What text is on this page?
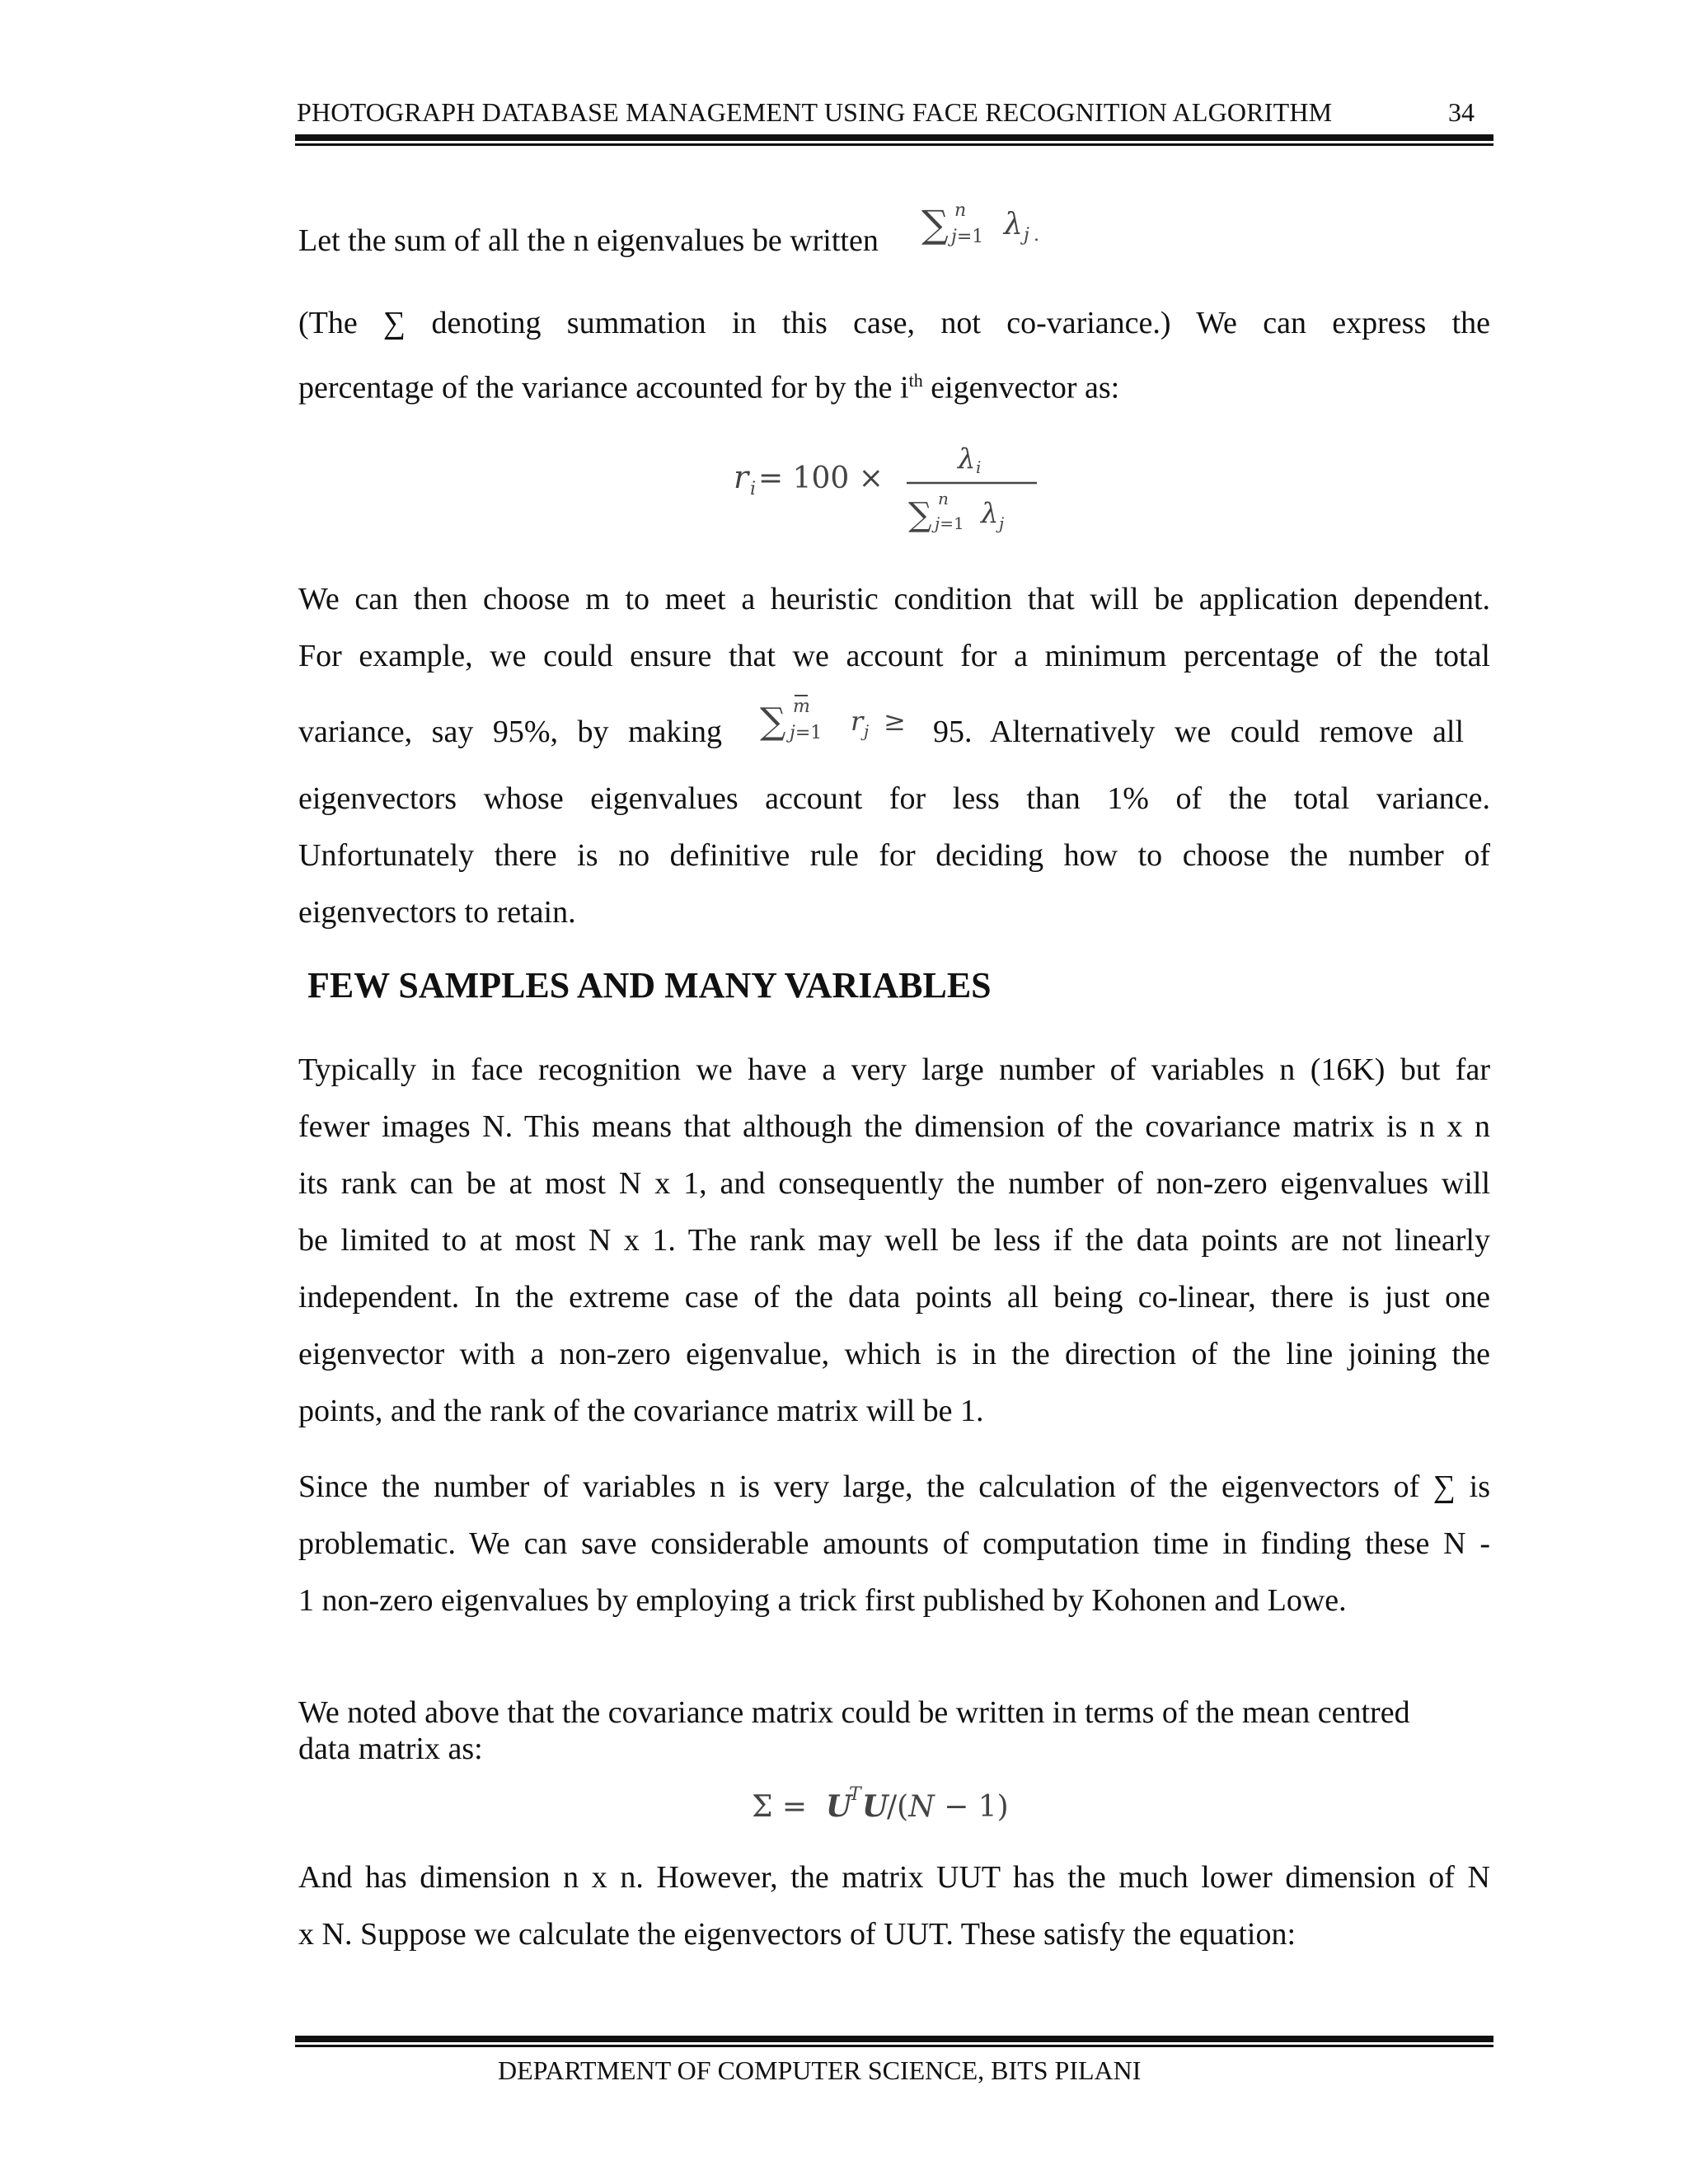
PHOTOGRAPH DATABASE MANAGEMENT USING FACE RECOGNITION ALGORITHM	34
Let the sum of all the n eigenvalues be written ∑ n
j=1 λ j .
(The ∑ denoting summation in this case, not co-variance.) We can express the
percentage of the variance accounted for by the $i^{th}$ eigenvector as:
r i = 100 ×
λ i
∑ n
j=1 λ j
We can then choose m to meet a heuristic condition that will be application dependent.
For example, we could ensure that we account for a minimum percentage of the total
variance, say 95%, by making	95. Alternatively we could remove all
∑ m
j=1 r j ≥
eigenvectors whose eigenvalues account for less than 1% of the total variance.
Unfortunately there is no definitive rule for deciding how to choose the number of
eigenvectors to retain.
FEW SAMPLES AND MANY VARIABLES
Typically in face recognition we have a very large number of variables n (16K) but far
fewer images N. This means that although the dimension of the covariance matrix is n x n
its rank can be at most N x 1, and consequently the number of non-zero eigenvalues will
be limited to at most N x 1. The rank may well be less if the data points are not linearly
independent. In the extreme case of the data points all being co-linear, there is just one
eigenvector with a non-zero eigenvalue, which is in the direction of the line joining the
points, and the rank of the covariance matrix will be 1.
Since the number of variables n is very large, the calculation of the eigenvectors of ∑ is
problematic. We can save considerable amounts of computation time in finding these N -
1 non-zero eigenvalues by employing a trick first published by Kohonen and Lowe.
We noted above that the covariance matrix could be written in terms of the mean centred
data matrix as:
Σ = U
T U
/(N − 1)
And has dimension n x n. However, the matrix UUT has the much lower dimension of N
x N. Suppose we calculate the eigenvectors of UUT. These satisfy the equation:
DEPARTMENT OF COMPUTER SCIENCE, BITS PILANI
